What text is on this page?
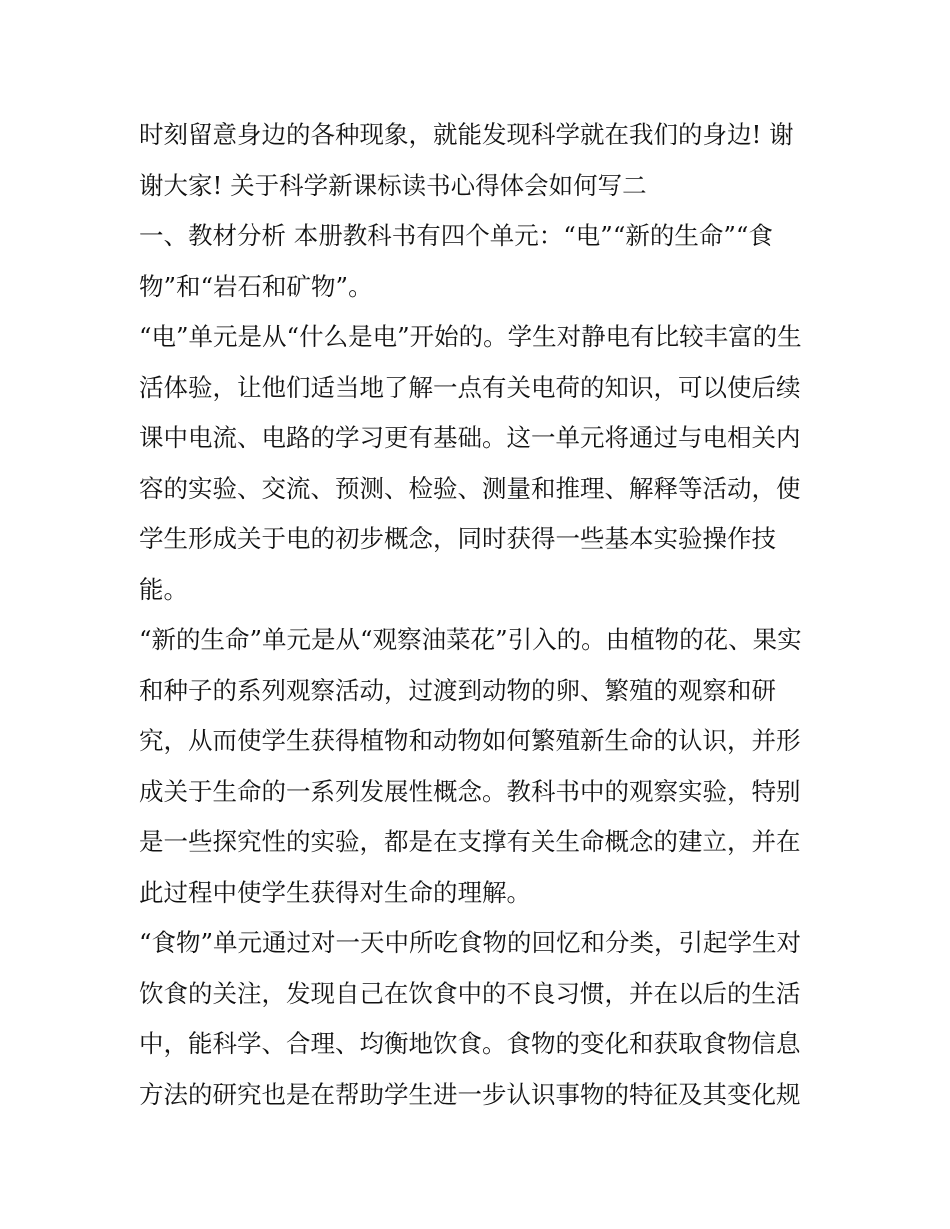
时刻留意身边的各种现象，就能发现科学就在我们的身边! 谢
谢大家! 关于科学新课标读书心得体会如何写二
一、教材分析 本册教科书有四个单元：“电”“新的生命”“食
物”和“岩石和矿物”。
“电”单元是从“什么是电”开始的。学生对静电有比较丰富的生
活体验，让他们适当地了解一点有关电荷的知识，可以使后续
课中电流、电路的学习更有基础。这一单元将通过与电相关内
容的实验、交流、预测、检验、测量和推理、解释等活动，使
学生形成关于电的初步概念，同时获得一些基本实验操作技
能。
“新的生命”单元是从“观察油菜花”引入的。由植物的花、果实
和种子的系列观察活动，过渡到动物的卵、繁殖的观察和研
究，从而使学生获得植物和动物如何繁殖新生命的认识，并形
成关于生命的一系列发展性概念。教科书中的观察实验，特别
是一些探究性的实验，都是在支撑有关生命概念的建立，并在
此过程中使学生获得对生命的理解。
“食物”单元通过对一天中所吃食物的回忆和分类，引起学生对
饮食的关注，发现自己在饮食中的不良习惯，并在以后的生活
中，能科学、合理、均衡地饮食。食物的变化和获取食物信息
方法的研究也是在帮助学生进一步认识事物的特征及其变化规
